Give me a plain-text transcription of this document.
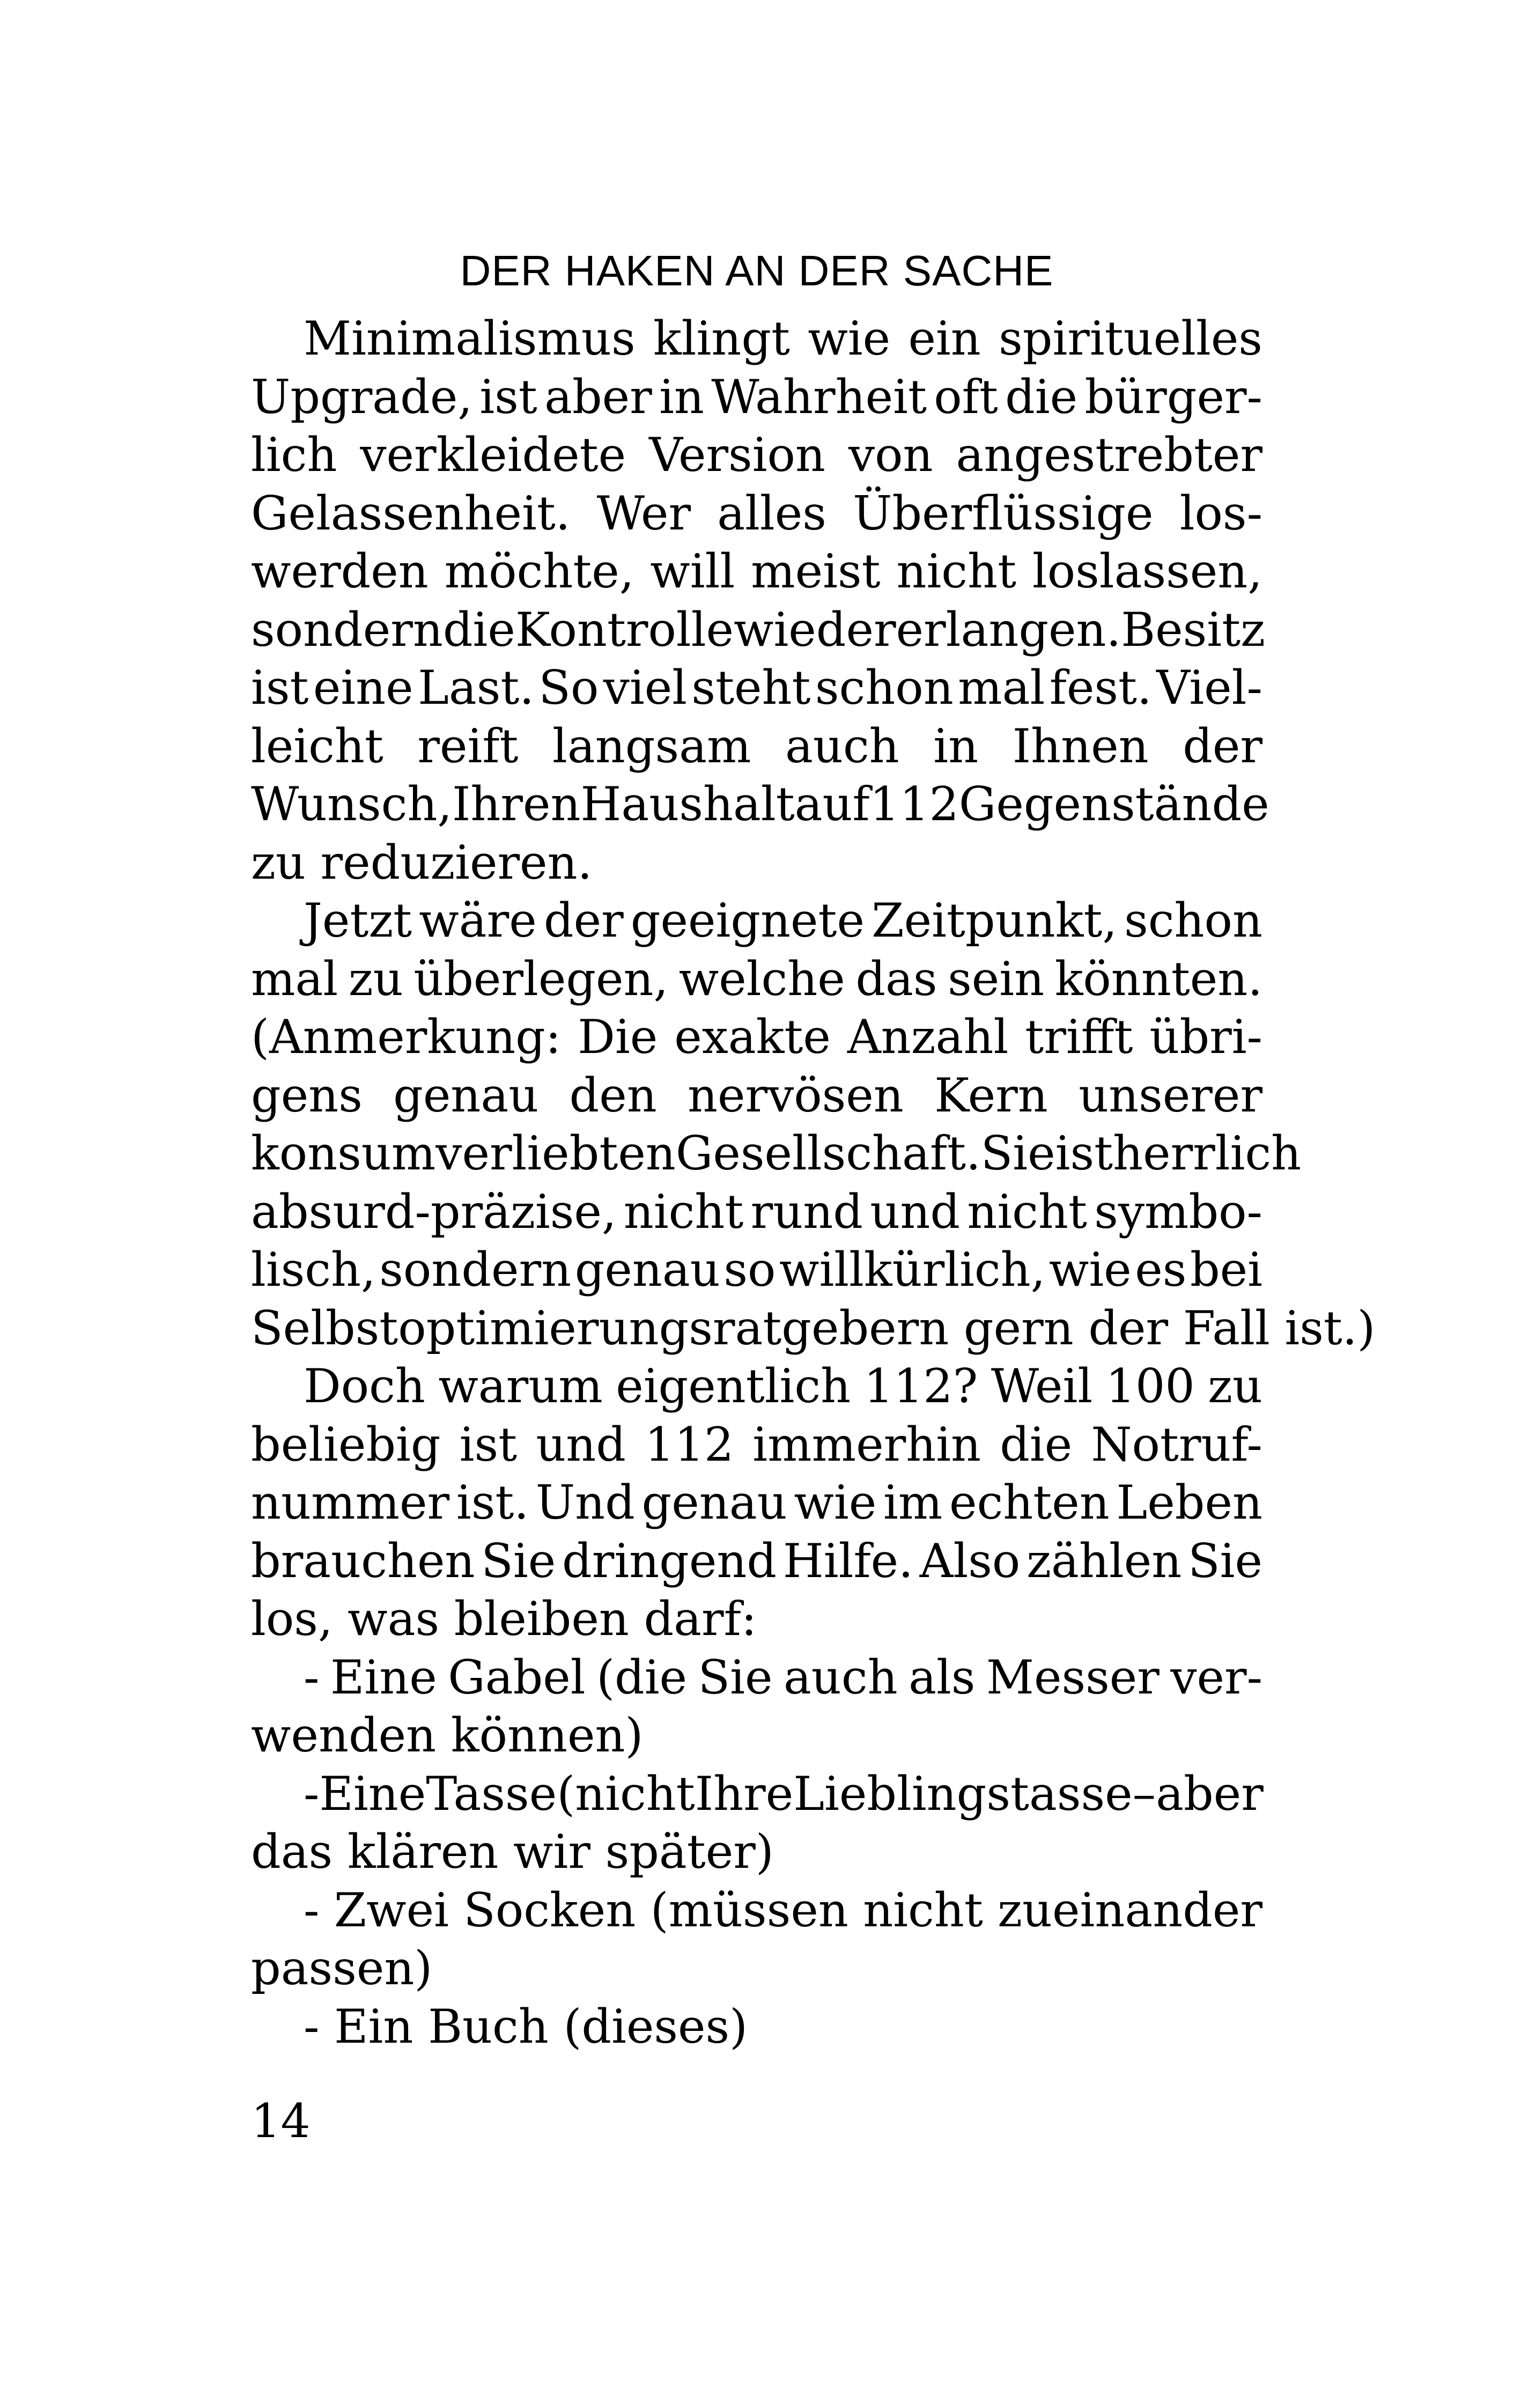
DER HAKEN AN DER SACHE
Minimalismus klingt wie ein spirituelles
Upgrade, ist aber in Wahrheit oft die bürger-
lich verkleidete Version von angestrebter
Gelassenheit. Wer alles Überflüssige los-
werden möchte, will meist nicht loslassen,
sondern die Kontrolle wiedererlangen. Besitz
ist eine Last. So viel steht schon mal fest. Viel-
leicht reift langsam auch in Ihnen der
Wunsch, Ihren Haushalt auf 112 Gegenstände
zu reduzieren.
Jetzt wäre der geeignete Zeitpunkt, schon
mal zu überlegen, welche das sein könnten.
(Anmerkung: Die exakte Anzahl trifft übri-
gens genau den nervösen Kern unserer
konsumverliebten Gesellschaft. Sie ist herrlich
absurd-präzise, nicht rund und nicht symbo-
lisch, sondern genau so willkürlich, wie es bei
Selbstoptimierungsratgebern gern der Fall ist.)
Doch warum eigentlich 112? Weil 100 zu
beliebig ist und 112 immerhin die Notruf-
nummer ist. Und genau wie im echten Leben
brauchen Sie dringend Hilfe. Also zählen Sie
los, was bleiben darf:
- Eine Gabel (die Sie auch als Messer ver-
wenden können)
- Eine Tasse (nicht Ihre Lieblingstasse – aber
das klären wir später)
- Zwei Socken (müssen nicht zueinander
passen)
- Ein Buch (dieses)
14
